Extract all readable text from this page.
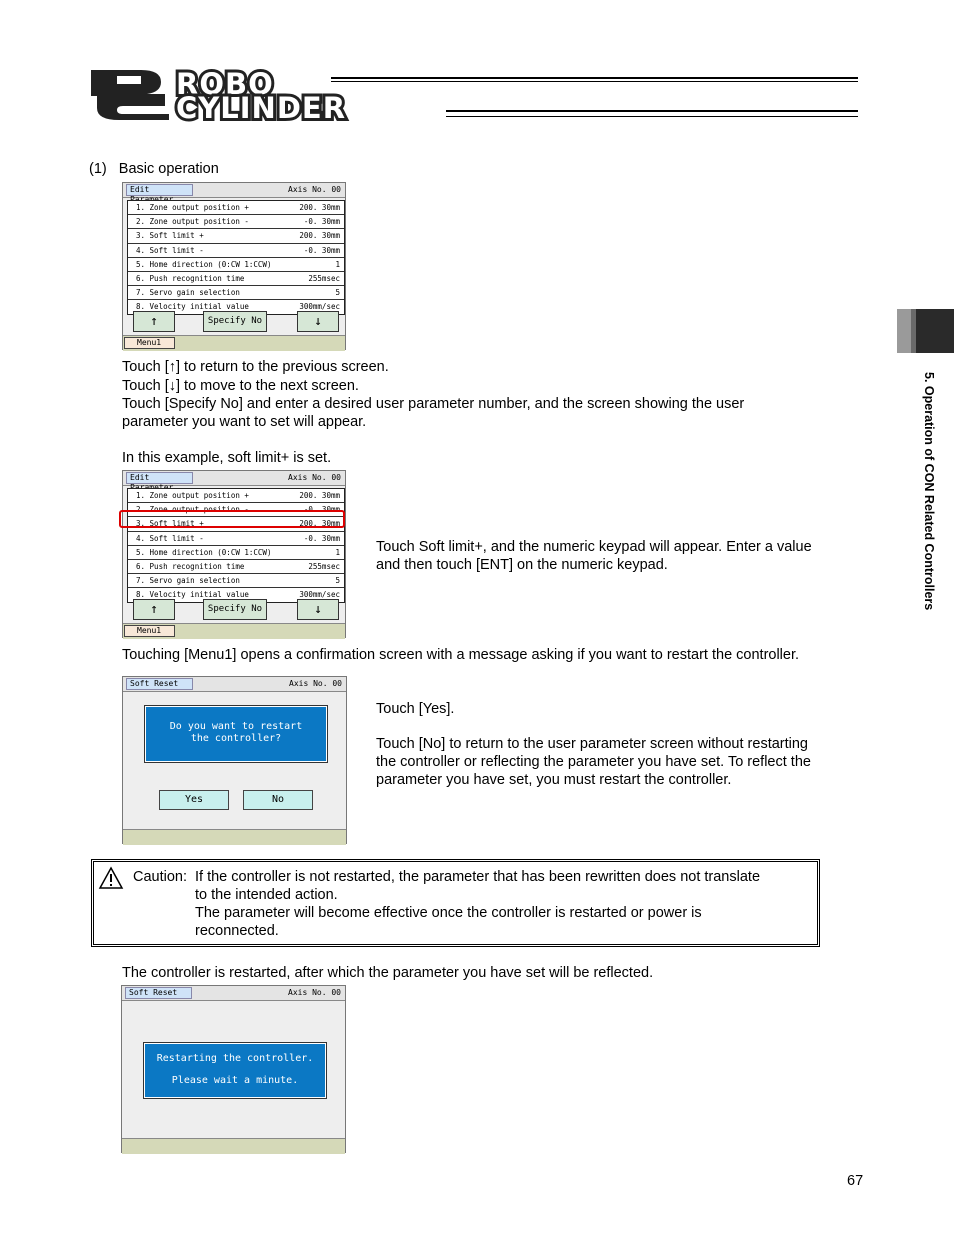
ROBO
CYLINDER
(1)   Basic operation
Edit	Axis No. 00
1. Zone output position +	200. 30mm
2. Zone output position -	-0. 30mm
3. Soft limit +	200. 30mm
4. Soft limit -	-0. 30mm
5. Home direction (0:CW 1:CCW)	1
6. Push recognition time	255msec
7. Servo gain selection	5
8. Velocity initial value	300mm/sec
↑	Specify No	↓
Menu1
Touch [↑] to return to the previous screen.
Touch [↓] to move to the next screen.
Touch [Specify No] and enter a desired user parameter number, and the screen showing the user
parameter you want to set will appear.
In this example, soft limit+ is set.
Edit	Axis No. 00
1. Zone output position +	200. 30mm
2. Zone output position -	-0. 30mm
3. Soft limit +	200. 30mm
4. Soft limit -	-0. 30mm
5. Home direction (0:CW 1:CCW)	1
6. Push recognition time	255msec
7. Servo gain selection	5
8. Velocity initial value	300mm/sec
↑	Specify No	↓
Menu1
Touch Soft limit+, and the numeric keypad will appear. Enter a value
and then touch [ENT] on the numeric keypad.
Touching [Menu1] opens a confirmation screen with a message asking if you want to restart the controller.
Soft Reset	Axis No. 00
Do you want to restart
the controller?
Yes	No
Touch [Yes].
Touch [No] to return to the user parameter screen without restarting
the controller or reflecting the parameter you have set. To reflect the
parameter you have set, you must restart the controller.
Caution: If the controller is not restarted, the parameter that has been rewritten does not translate
to the intended action.
The parameter will become effective once the controller is restarted or power is
reconnected.
The controller is restarted, after which the parameter you have set will be reflected.
Soft Reset	Axis No. 00
Restarting the controller.
Please wait a minute.
5. Operation of CON Related Controllers
67
